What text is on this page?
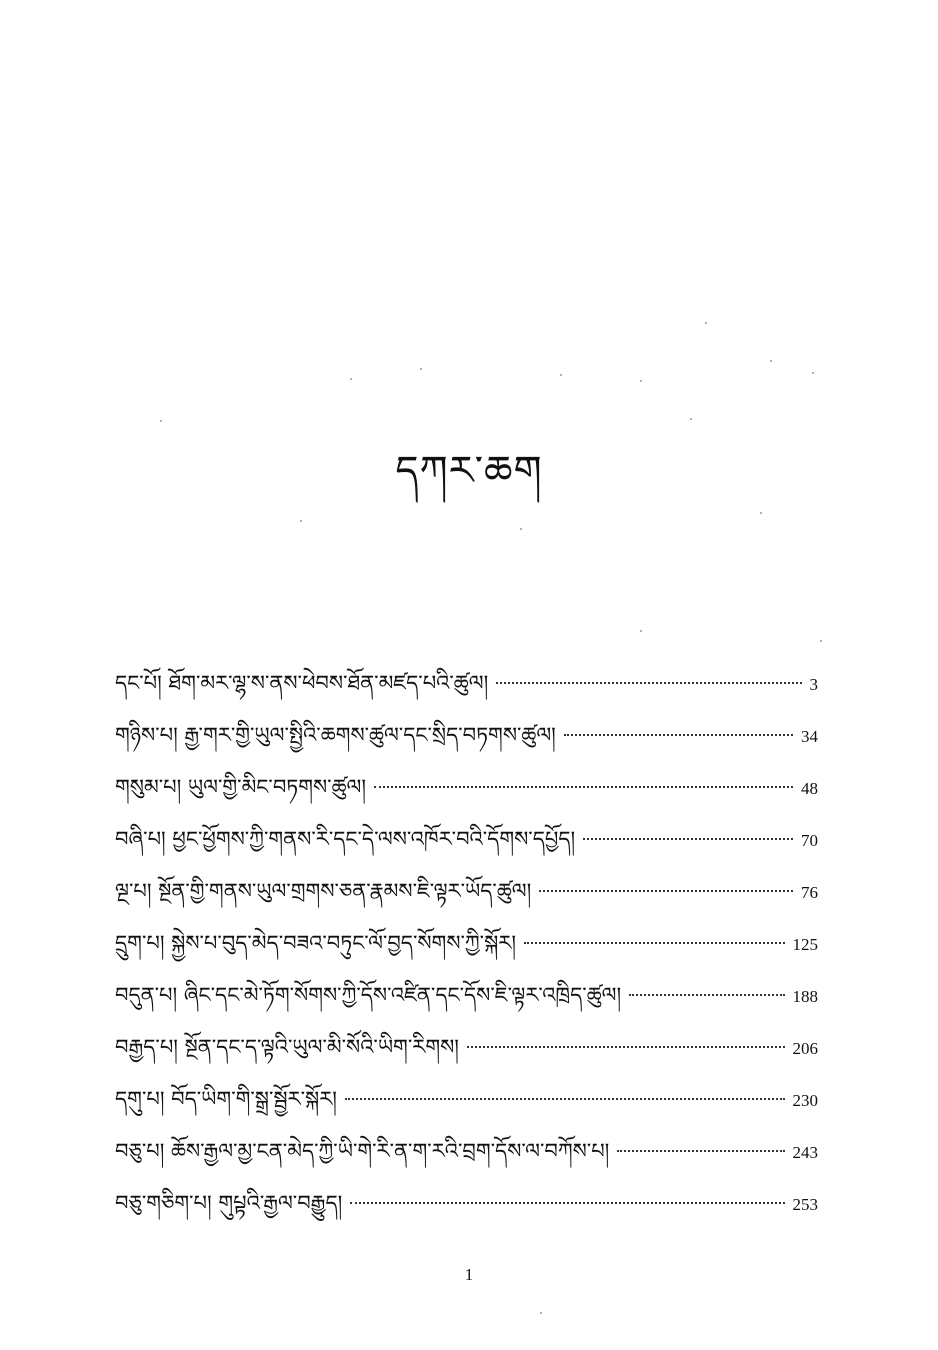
དཀར་ཆག
དང་པོ། ཐོག་མར་ལྷ་ས་ནས་ཕེབས་ཐོན་མཛད་པའི་ཚུལ།	3
གཉིས་པ། རྒྱ་གར་གྱི་ཡུལ་སྤྱིའི་ཆགས་ཚུལ་དང་སྲིད་བཏགས་ཚུལ།	34
གསུམ་པ། ཡུལ་གྱི་མིང་བཏགས་ཚུལ།	48
བཞི་པ། ཕྱང་ཕྱོགས་ཀྱི་གནས་རི་དང་དེ་ལས་འཁོར་བའི་དོགས་དཔྱོད།	70
ལྔ་པ། སྔོན་གྱི་གནས་ཡུལ་གྲགས་ཅན་རྣམས་ཇི་ལྟར་ཡོད་ཚུལ།	76
དྲུག་པ། སྐྱེས་པ་བུད་མེད་བཟའ་བཏུང་ལོ་བྱད་སོགས་ཀྱི་སྐོར།	125
བདུན་པ། ཞིང་དང་མེ་ཏོག་སོགས་ཀྱི་དོས་འཛིན་དང་དོས་ཇི་ལྟར་འཁྲིད་ཚུལ།	188
བརྒྱད་པ། སྔོན་དང་ད་ལྟའི་ཡུལ་མི་སོའི་ཡིག་རིགས།	206
དགུ་པ། བོད་ཡིག་གི་སྒྲ་སྦྱོར་སྐོར།	230
བཅུ་པ། ཆོས་རྒྱལ་མྱ་ངན་མེད་ཀྱི་ཡི་གེ་རི་ན་ག་རའི་བྲག་དོས་ལ་བཀོས་པ།	243
བཅུ་གཅིག་པ། གུཔྟའི་རྒྱལ་བརྒྱུད།	253
1
